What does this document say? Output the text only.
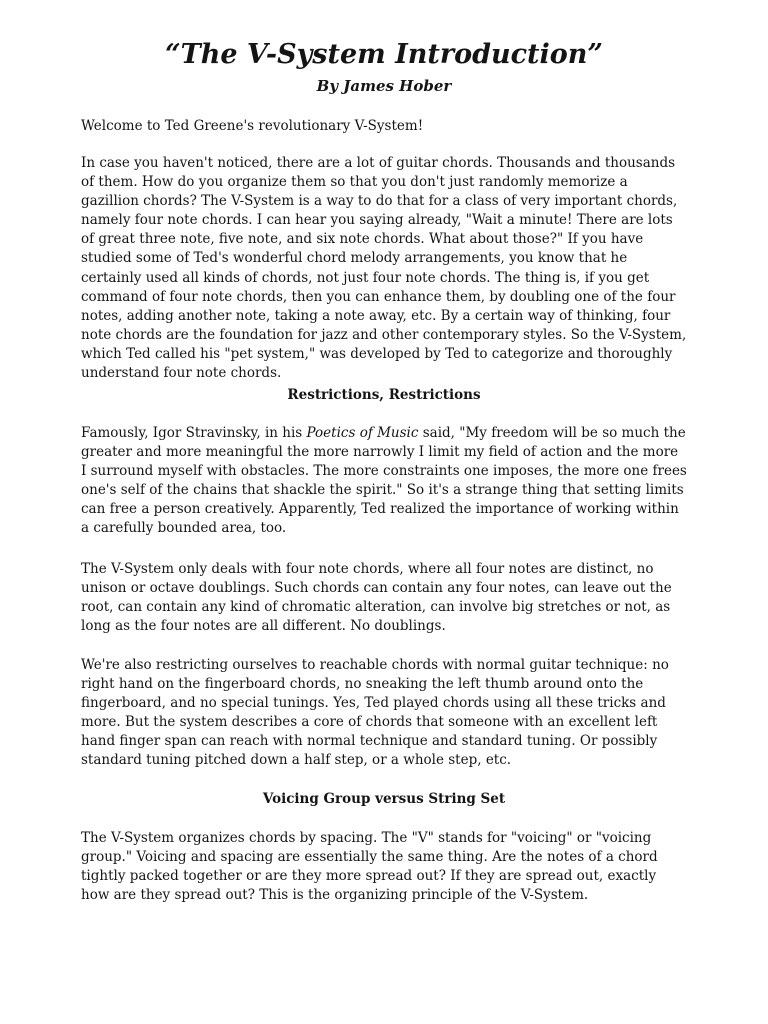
“The V-System Introduction”
By James Hober

Welcome to Ted Greene's revolutionary V-System!

In case you haven't noticed, there are a lot of guitar chords. Thousands and thousands of them. How do you organize them so that you don't just randomly memorize a gazillion chords? The V-System is a way to do that for a class of very important chords, namely four note chords. I can hear you saying already, "Wait a minute! There are lots of great three note, five note, and six note chords. What about those?" If you have studied some of Ted's wonderful chord melody arrangements, you know that he certainly used all kinds of chords, not just four note chords. The thing is, if you get command of four note chords, then you can enhance them, by doubling one of the four notes, adding another note, taking a note away, etc. By a certain way of thinking, four note chords are the foundation for jazz and other contemporary styles. So the V-System, which Ted called his "pet system," was developed by Ted to categorize and thoroughly understand four note chords.

Restrictions, Restrictions

Famously, Igor Stravinsky, in his Poetics of Music said, "My freedom will be so much the greater and more meaningful the more narrowly I limit my field of action and the more I surround myself with obstacles. The more constraints one imposes, the more one frees one's self of the chains that shackle the spirit." So it's a strange thing that setting limits can free a person creatively. Apparently, Ted realized the importance of working within a carefully bounded area, too.

The V-System only deals with four note chords, where all four notes are distinct, no unison or octave doublings. Such chords can contain any four notes, can leave out the root, can contain any kind of chromatic alteration, can involve big stretches or not, as long as the four notes are all different. No doublings.

We're also restricting ourselves to reachable chords with normal guitar technique: no right hand on the fingerboard chords, no sneaking the left thumb around onto the fingerboard, and no special tunings. Yes, Ted played chords using all these tricks and more. But the system describes a core of chords that someone with an excellent left hand finger span can reach with normal technique and standard tuning. Or possibly standard tuning pitched down a half step, or a whole step, etc.

Voicing Group versus String Set

The V-System organizes chords by spacing. The "V" stands for "voicing" or "voicing group." Voicing and spacing are essentially the same thing. Are the notes of a chord tightly packed together or are they more spread out? If they are spread out, exactly how are they spread out? This is the organizing principle of the V-System.
